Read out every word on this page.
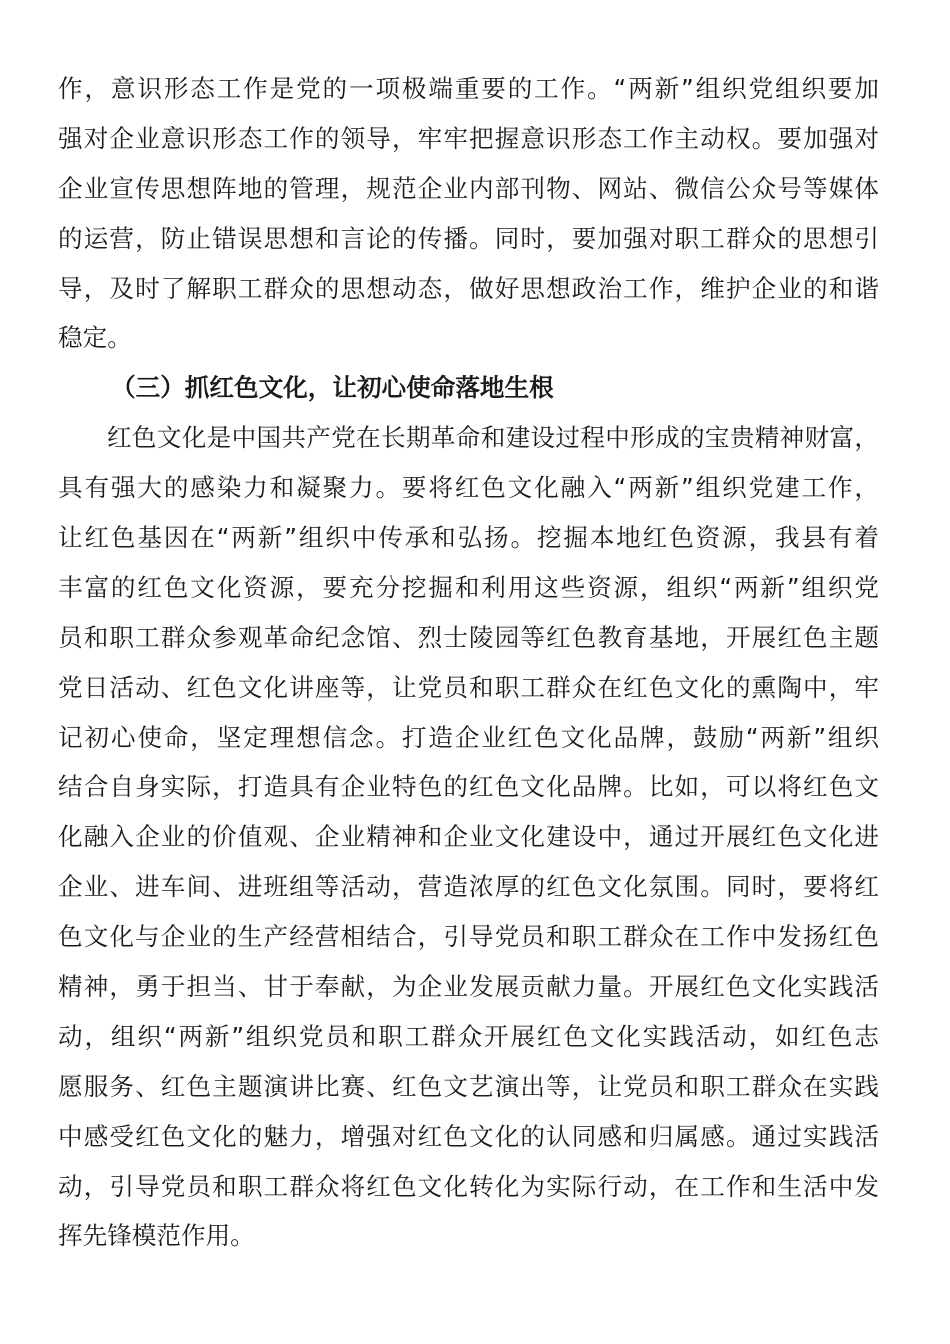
作，意识形态工作是党的一项极端重要的工作。“两新”组织党组织要加
强对企业意识形态工作的领导，牢牢把握意识形态工作主动权。要加强对
企业宣传思想阵地的管理，规范企业内部刊物、网站、微信公众号等媒体
的运营，防止错误思想和言论的传播。同时，要加强对职工群众的思想引
导，及时了解职工群众的思想动态，做好思想政治工作，维护企业的和谐
稳定。
（三）抓红色文化，让初心使命落地生根
红色文化是中国共产党在长期革命和建设过程中形成的宝贵精神财富，
具有强大的感染力和凝聚力。要将红色文化融入“两新”组织党建工作，
让红色基因在“两新”组织中传承和弘扬。挖掘本地红色资源，我县有着
丰富的红色文化资源，要充分挖掘和利用这些资源，组织“两新”组织党
员和职工群众参观革命纪念馆、烈士陵园等红色教育基地，开展红色主题
党日活动、红色文化讲座等，让党员和职工群众在红色文化的熏陶中，牢
记初心使命，坚定理想信念。打造企业红色文化品牌，鼓励“两新”组织
结合自身实际，打造具有企业特色的红色文化品牌。比如，可以将红色文
化融入企业的价值观、企业精神和企业文化建设中，通过开展红色文化进
企业、进车间、进班组等活动，营造浓厚的红色文化氛围。同时，要将红
色文化与企业的生产经营相结合，引导党员和职工群众在工作中发扬红色
精神，勇于担当、甘于奉献，为企业发展贡献力量。开展红色文化实践活
动，组织“两新”组织党员和职工群众开展红色文化实践活动，如红色志
愿服务、红色主题演讲比赛、红色文艺演出等，让党员和职工群众在实践
中感受红色文化的魅力，增强对红色文化的认同感和归属感。通过实践活
动，引导党员和职工群众将红色文化转化为实际行动，在工作和生活中发
挥先锋模范作用。
